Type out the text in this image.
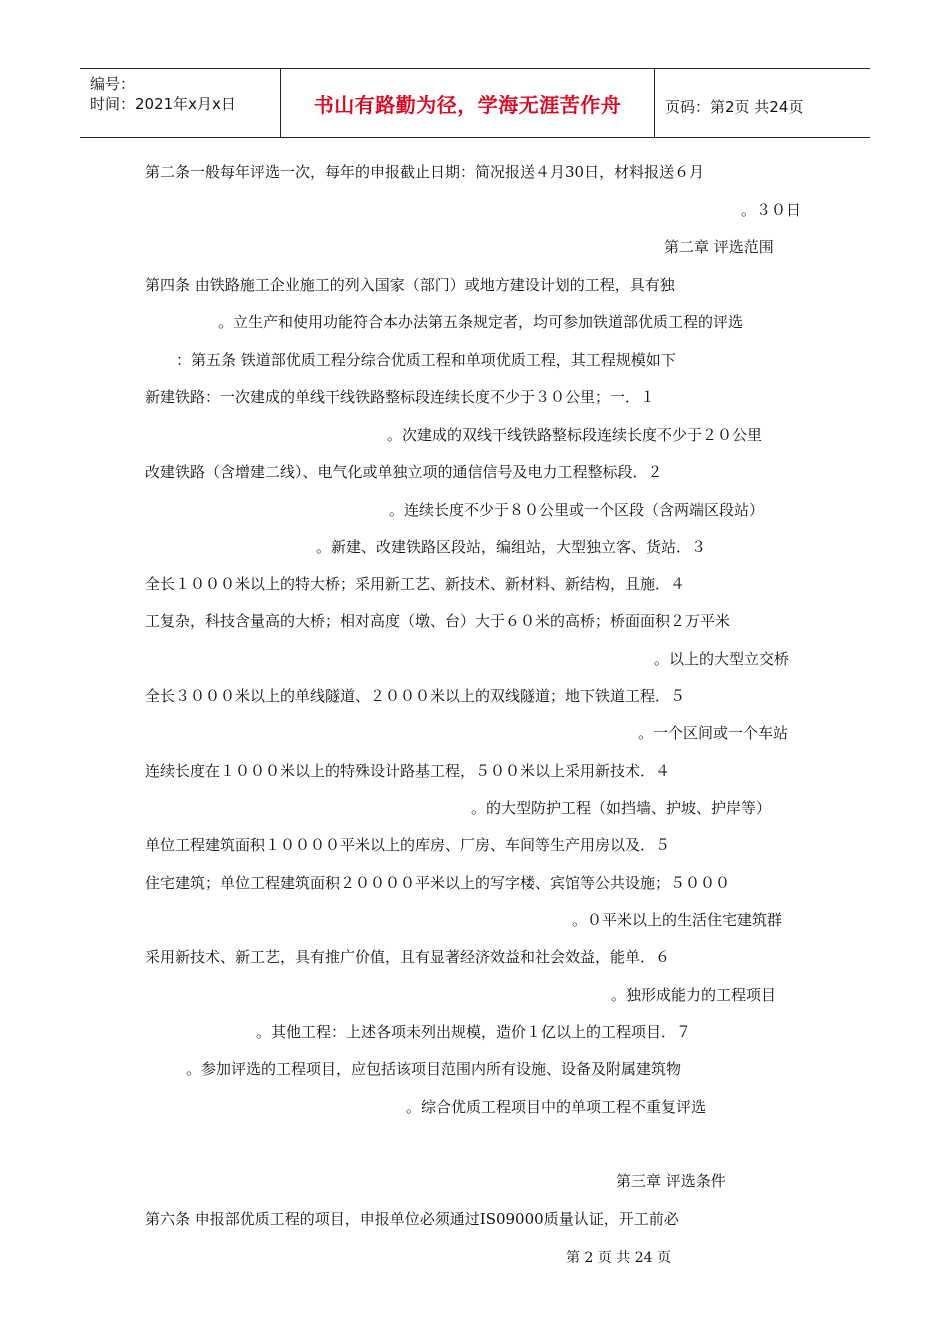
编号：
时间：2021年x月x日	书山有路勤为径，学海无涯苦作舟	页码：第2页 共24页
第二条一般每年评选一次，每年的申报截止日期：简况报送４月30日，材料报送６月
。３０日
第二章 评选范围
第四条 由铁路施工企业施工的列入国家（部门）或地方建设计划的工程，具有独
。立生产和使用功能符合本办法第五条规定者，均可参加铁道部优质工程的评选
：第五条 铁道部优质工程分综合优质工程和单项优质工程，其工程规模如下
新建铁路：一次建成的单线干线铁路整标段连续长度不少于３０公里；一．１
。次建成的双线干线铁路整标段连续长度不少于２０公里
改建铁路（含增建二线）、电气化或单独立项的通信信号及电力工程整标段．２
。连续长度不少于８０公里或一个区段（含两端区段站）
。新建、改建铁路区段站，编组站，大型独立客、货站．３
全长１０００米以上的特大桥；采用新工艺、新技术、新材料、新结构，且施．４
工复杂，科技含量高的大桥；相对高度（墩、台）大于６０米的高桥；桥面面积２万平米
。以上的大型立交桥
全长３０００米以上的单线隧道、２０００米以上的双线隧道；地下铁道工程．５
。一个区间或一个车站
连续长度在１０００米以上的特殊设计路基工程，５００米以上采用新技术．４
。的大型防护工程（如挡墙、护坡、护岸等）
单位工程建筑面积１００００平米以上的库房、厂房、车间等生产用房以及．５
住宅建筑；单位工程建筑面积２００００平米以上的写字楼、宾馆等公共设施；５０００
。０平米以上的生活住宅建筑群
采用新技术、新工艺，具有推广价值，且有显著经济效益和社会效益，能单．６
。独形成能力的工程项目
。其他工程：上述各项未列出规模，造价１亿以上的工程项目．７
。参加评选的工程项目，应包括该项目范围内所有设施、设备及附属建筑物
。综合优质工程项目中的单项工程不重复评选
第三章 评选条件
第六条 申报部优质工程的项目，申报单位必须通过IS09000质量认证，开工前必
第 2 页 共 24 页
